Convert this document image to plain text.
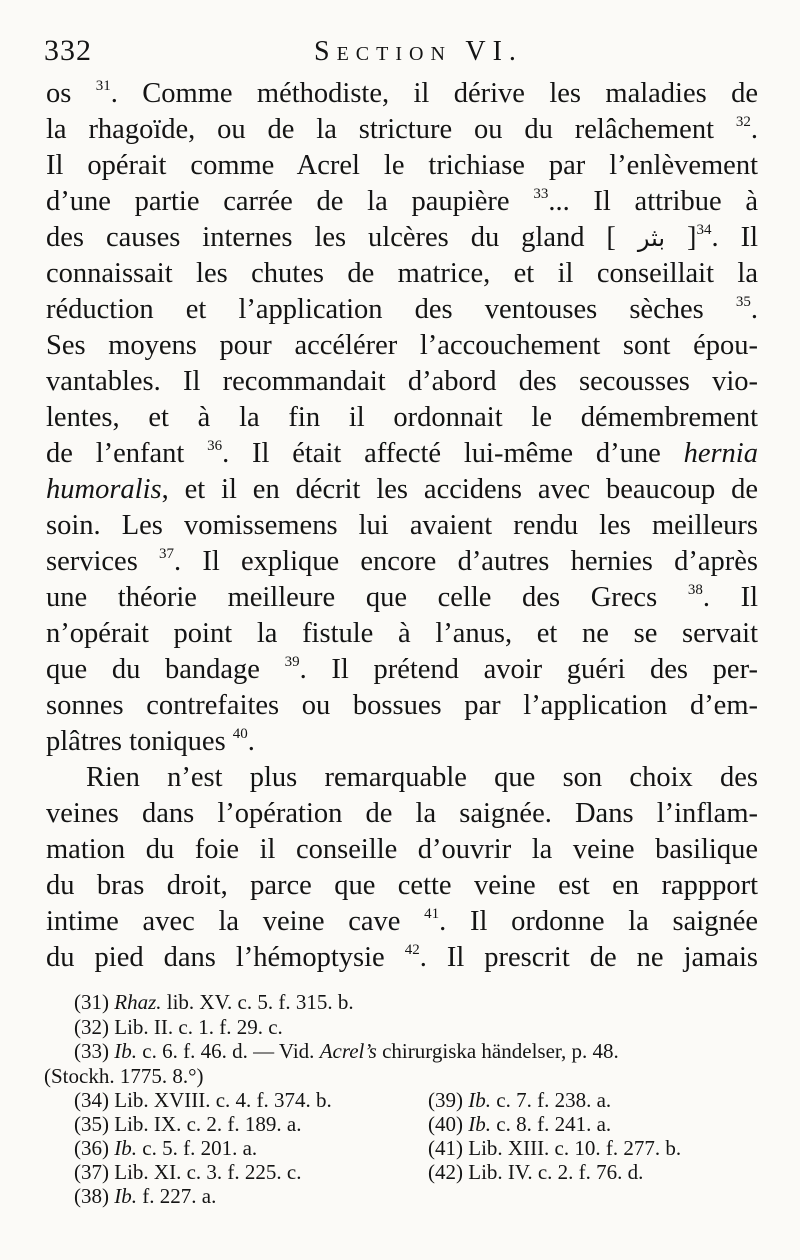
332	Section VI.
os $^{31}$. Comme méthodiste, il dérive les maladies de
la rhagoïde, ou de la stricture ou du relâchement $^{32}$.
Il opérait comme Acrel le trichiase par l’enlèvement
d’une partie carrée de la paupière $^{33}$... Il attribue à
des causes internes les ulcères du gland [ بثر ]$^{34}$. Il
connaissait les chutes de matrice, et il conseillait la
réduction et l’application des ventouses sèches $^{35}$.
Ses moyens pour accélérer l’accouchement sont épou-
vantables. Il recommandait d’abord des secousses vio-
lentes, et à la fin il ordonnait le démembrement
de l’enfant $^{36}$. Il était affecté lui-même d’une hernia
humoralis, et il en décrit les accidens avec beaucoup de
soin. Les vomissemens lui avaient rendu les meilleurs
services $^{37}$. Il explique encore d’autres hernies d’après
une théorie meilleure que celle des Grecs $^{38}$. Il
n’opérait point la fistule à l’anus, et ne se servait
que du bandage $^{39}$. Il prétend avoir guéri des per-
sonnes contrefaites ou bossues par l’application d’em-
plâtres toniques $^{40}$.
Rien n’est plus remarquable que son choix des
veines dans l’opération de la saignée. Dans l’inflam-
mation du foie il conseille d’ouvrir la veine basilique
du bras droit, parce que cette veine est en rappport
intime avec la veine cave $^{41}$. Il ordonne la saignée
du pied dans l’hémoptysie $^{42}$. Il prescrit de ne jamais
(31) Rhaz. lib. XV. c. 5. f. 315. b.
(32) Lib. II. c. 1. f. 29. c.
(33) Ib. c. 6. f. 46. d. — Vid. Acrel’s chirurgiska händelser, p. 48.
(Stockh. 1775. 8.°)
(34) Lib. XVIII. c. 4. f. 374. b.
(35) Lib. IX. c. 2. f. 189. a.
(36) Ib. c. 5. f. 201. a.
(37) Lib. XI. c. 3. f. 225. c.
(38) Ib. f. 227. a.
(39) Ib. c. 7. f. 238. a.
(40) Ib. c. 8. f. 241. a.
(41) Lib. XIII. c. 10. f. 277. b.
(42) Lib. IV. c. 2. f. 76. d.
